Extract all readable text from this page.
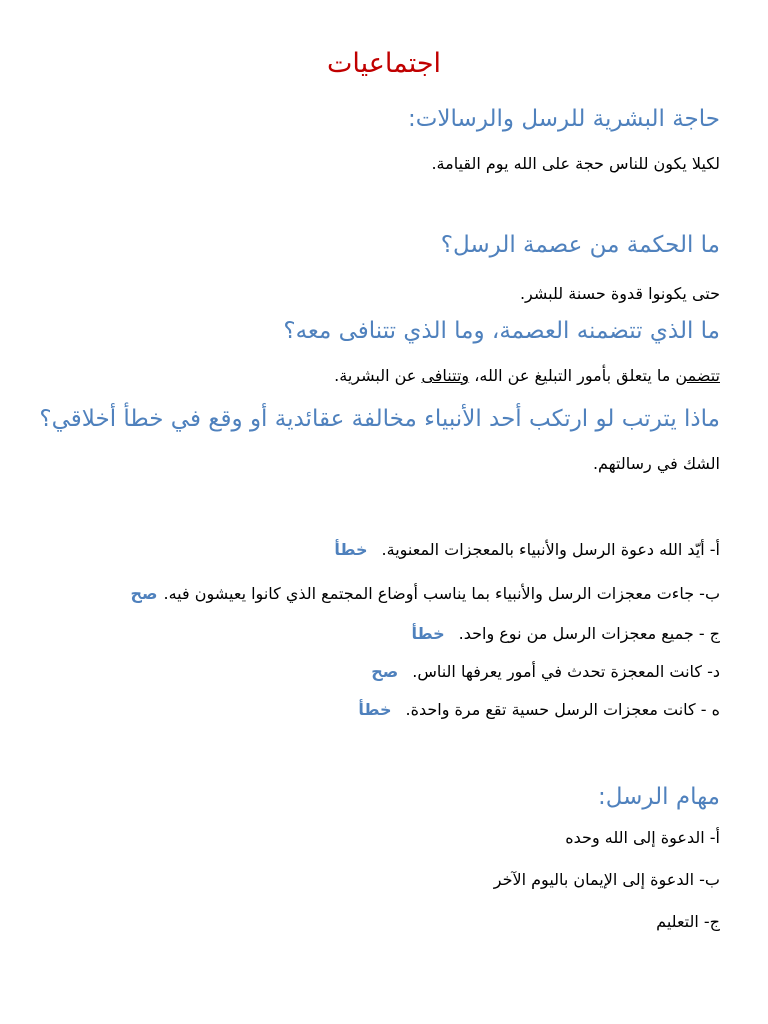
اجتماعيات
حاجة البشرية للرسل والرسالات:
لكيلا يكون للناس حجة على الله يوم القيامة.
ما الحكمة من عصمة الرسل؟
حتى يكونوا قدوة حسنة للبشر.
ما الذي تتضمنه العصمة، وما الذي تتنافى معه؟
تتضمن ما يتعلق بأمور التبليغ عن الله، وتتنافى عن البشرية.
ماذا يترتب لو ارتكب أحد الأنبياء مخالفة عقائدية أو وقع في خطأ أخلاقي؟
الشك في رسالتهم.
أ- أيّد الله دعوة الرسل والأنبياء بالمعجزات المعنوية.خطأ
ب- جاءت معجزات الرسل والأنبياء بما يناسب أوضاع المجتمع الذي كانوا يعيشون فيه.صح
ج - جميع معجزات الرسل من نوع واحد.خطأ
د- كانت المعجزة تحدث في أمور يعرفها الناس.صح
ه - كانت معجزات الرسل حسية تقع مرة واحدة.خطأ
مهام الرسل:
أ- الدعوة إلى الله وحده
ب- الدعوة إلى الإيمان باليوم الآخر
ج- التعليم
